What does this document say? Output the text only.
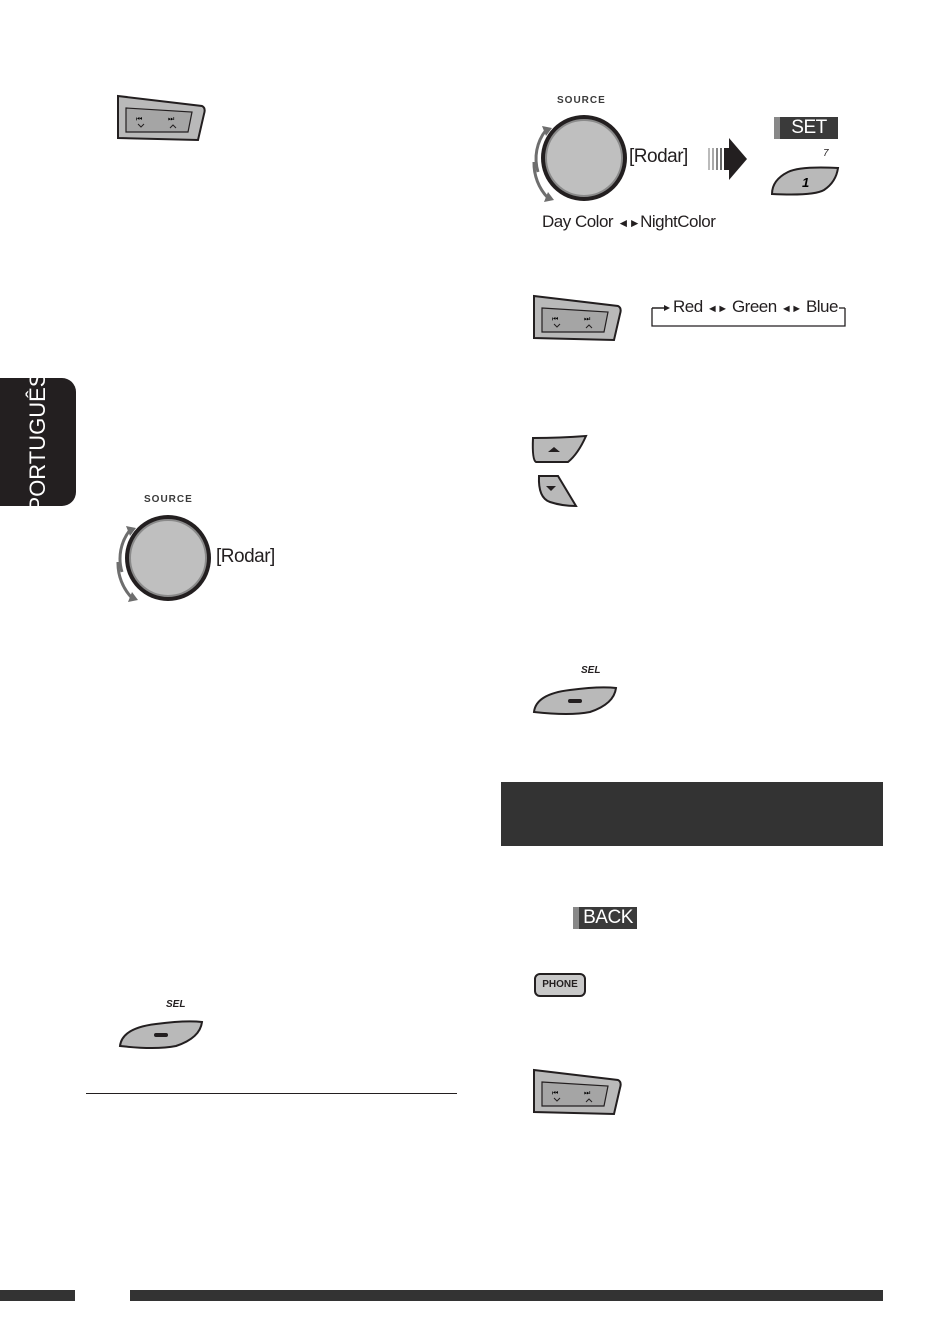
⏮	⏭
PORTUGUÊS	SOURCE
[Rodar]
SEL
SOURCE
[Rodar]
SET
7
1
Day Color ◄►NightColor
⏮	⏭
Red ◄► Green ◄► Blue
SEL
BACK
PHONE
⏮	⏭
